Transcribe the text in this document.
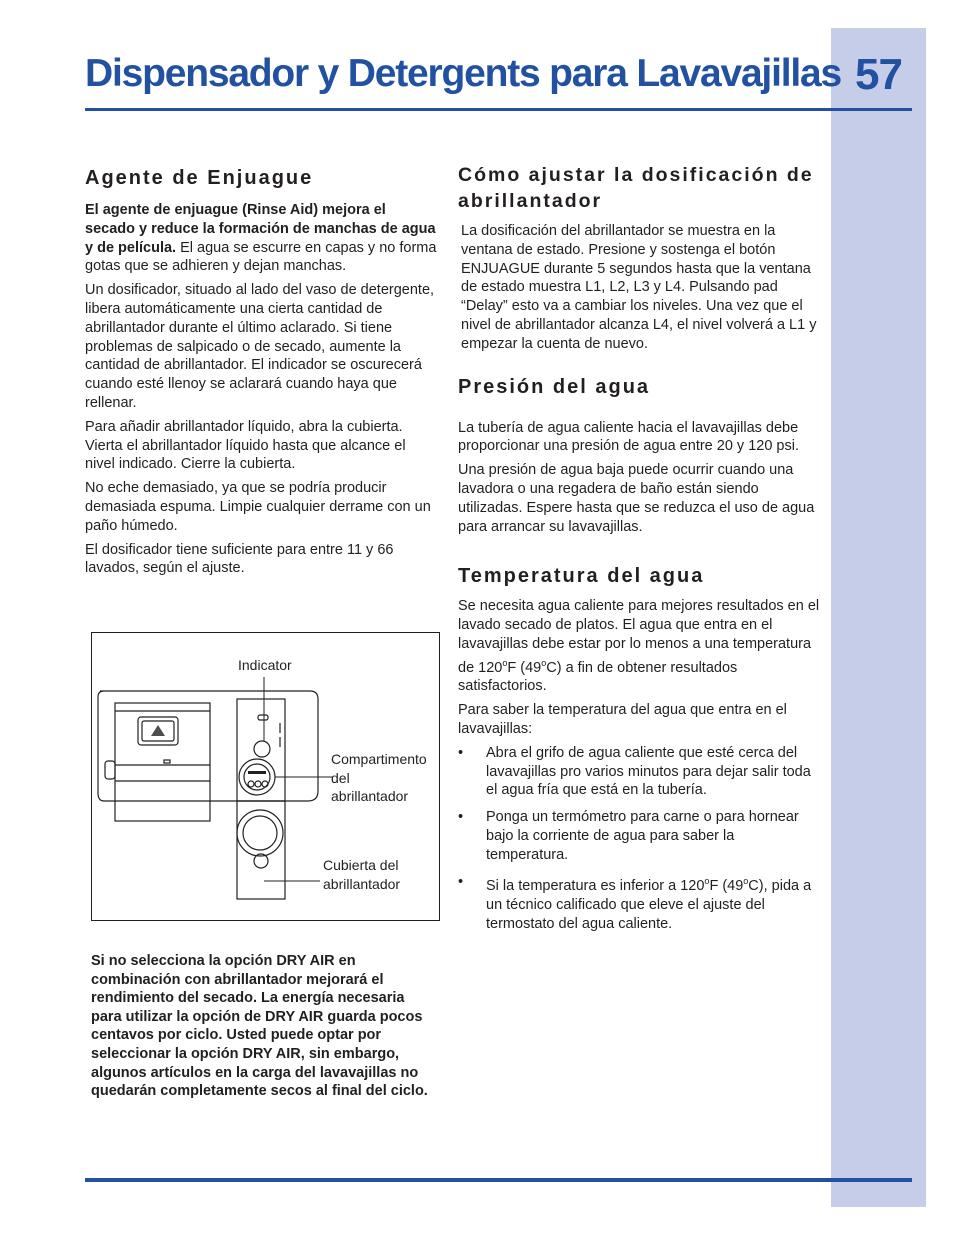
57
Dispensador y Detergents para Lavavajillas
Agente de Enjuague

El agente de enjuague (Rinse Aid) mejora el secado y reduce la formación de manchas de agua y de película. El agua se escurre en capas y no forma gotas que se adhieren y dejan manchas.

Un dosificador, situado al lado del vaso de detergente, libera automáticamente una cierta cantidad de abrillantador durante el último aclarado. Si tiene problemas de salpicado o de secado, aumente la cantidad de abrillantador. El indicador se oscurecerá cuando esté llenoy se aclarará cuando haya que rellenar.

Para añadir abrillantador líquido, abra la cubierta. Vierta el abrillantador líquido hasta que alcance el nivel indicado. Cierre la cubierta.

No eche demasiado, ya que se podría producir demasiada espuma. Limpie cualquier derrame con un paño húmedo.

El dosificador tiene suficiente para entre 11 y 66 lavados, según el ajuste.

Indicator
Compartimento
del
abrillantador
Cubierta del
abrillantador
Si no selecciona la opción DRY AIR en combinación con abrillantador mejorará el rendimiento del secado. La energía necesaria para utilizar la opción de DRY AIR guarda pocos centavos por ciclo. Usted puede optar por seleccionar la opción DRY AIR, sin embargo, algunos artículos en la carga del lavavajillas no quedarán completamente secos al final del ciclo.
Cómo ajustar la dosificación de abrillantador

La dosificación del abrillantador se muestra en la ventana de estado. Presione y sostenga el botón ENJUAGUE durante 5 segundos hasta que la ventana de estado muestra L1, L2, L3 y L4. Pulsando pad “Delay” esto va a cambiar los niveles. Una vez que el nivel de abrillantador alcanza L4, el nivel volverá a L1 y empezar la cuenta de nuevo.

Presión del agua

La tubería de agua caliente hacia el lavavajillas debe proporcionar una presión de agua entre 20 y 120 psi.

Una presión de agua baja puede ocurrir cuando una lavadora o una regadera de baño están siendo utilizadas. Espere hasta que se reduzca el uso de agua para arrancar su lavavajillas.

Temperatura del agua

Se necesita agua caliente para mejores resultados en el lavado secado de platos. El agua que entra en el lavavajillas debe estar por lo menos a una temperatura de 120$^o$F (49$^o$C) a fin de obtener resultados satisfactorios.

Para saber la temperatura del agua que entra en el lavavajillas:

• Abra el grifo de agua caliente que esté cerca del lavavajillas pro varios minutos para dejar salir toda el agua fría que está en la tubería.
• Ponga un termómetro para carne o para hornear bajo la corriente de agua para saber la temperatura.
• Si la temperatura es inferior a 120$^o$F (49$^o$C), pida a un técnico calificado que eleve el ajuste del termostato del agua caliente.
